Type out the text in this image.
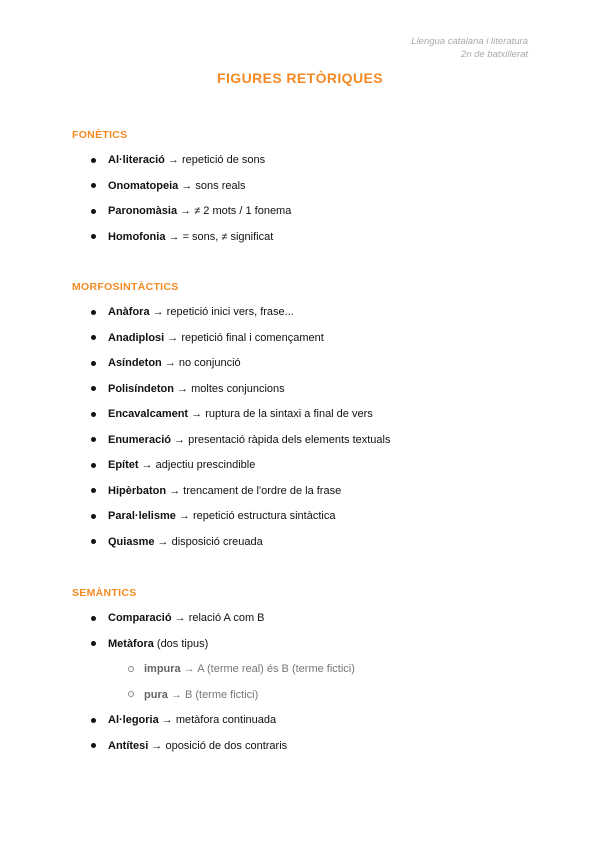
Llengua catalana i literatura
2n de batxillerat
FIGURES RETÒRIQUES
FONÈTICS
Al·literació → repetició de sons
Onomatopeia → sons reals
Paronomàsia → ≠ 2 mots / 1 fonema
Homofonia → = sons, ≠ significat
MORFOSINTÀCTICS
Anàfora → repetició inici vers, frase...
Anadiplosi → repetició final i començament
Asíndeton → no conjunció
Polisíndeton → moltes conjuncions
Encavalcament → ruptura de la sintaxi a final de vers
Enumeració → presentació ràpida dels elements textuals
Epítet → adjectiu prescindible
Hipèrbaton → trencament de l'ordre de la frase
Paral·lelisme → repetició estructura sintàctica
Quiasme → disposició creuada
SEMÀNTICS
Comparació → relació A com B
Metàfora (dos tipus)
impura → A (terme real) és B (terme fictici)
pura → B (terme fictici)
Al·legoria → metàfora continuada
Antítesi → oposició de dos contraris
